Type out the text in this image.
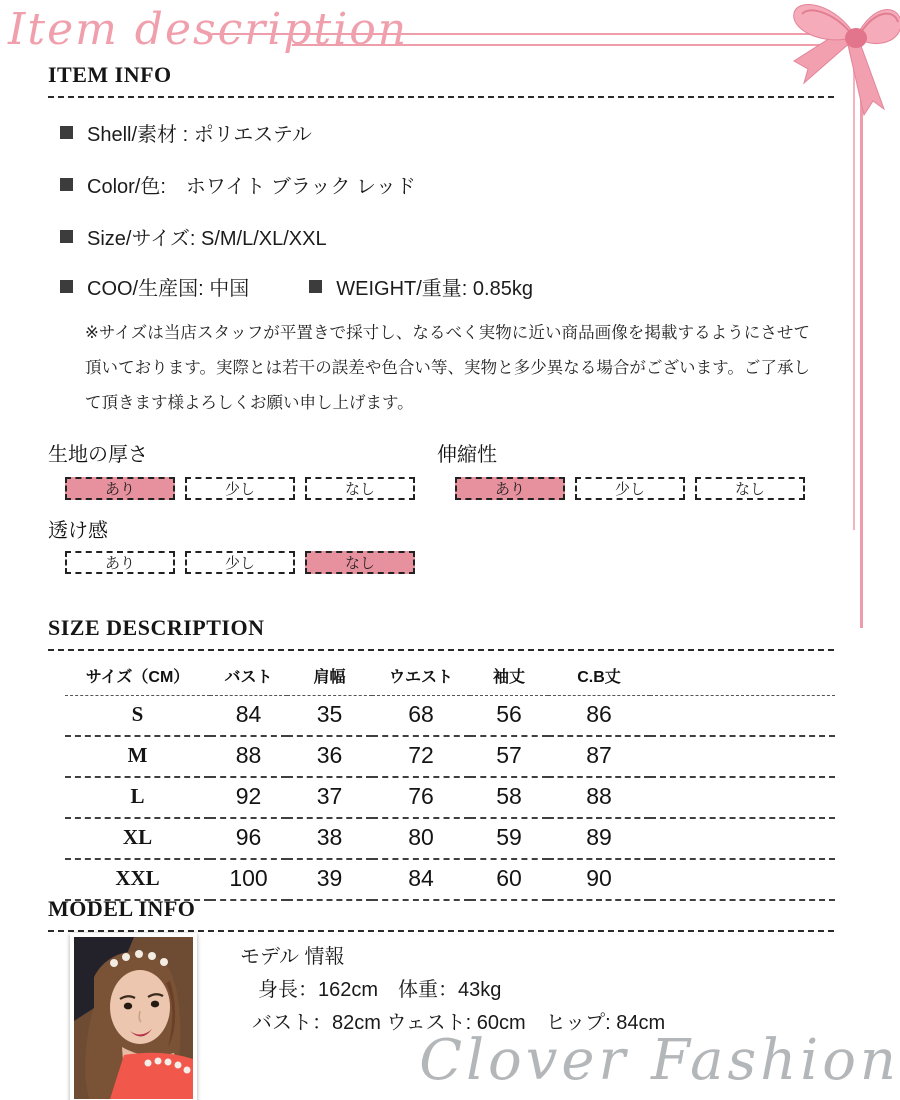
Item description
ITEM INFO
Shell/素材 : ポリエステル
Color/色:　ホワイト ブラック レッド
Size/サイズ: S/M/L/XL/XXL
COO/生産国: 中国	WEIGHT/重量: 0.85kg
※サイズは当店スタッフが平置きで採寸し、なるべく実物に近い商品画像を掲載するようにさせて頂いております。実際とは若干の誤差や色合い等、実物と多少異なる場合がございます。ご了承して頂きます様よろしくお願い申し上げます。
生地の厚さ
あり	少し	なし
伸縮性
あり	少し	なし
透け感
あり	少し	なし
SIZE DESCRIPTION
サイズ（CM）	バスト	肩幅	ウエスト	袖丈	C.B丈	
S	84	35	68	56	86	
M	88	36	72	57	87	
L	92	37	76	58	88	
XL	96	38	80	59	89	
XXL	100	39	84	60	90	
MODEL INFO
モデル 情報
身長：162cm　体重：43kg
バスト：82cm ウェスト: 60cm　ヒップ: 84cm
Clover Fashion
